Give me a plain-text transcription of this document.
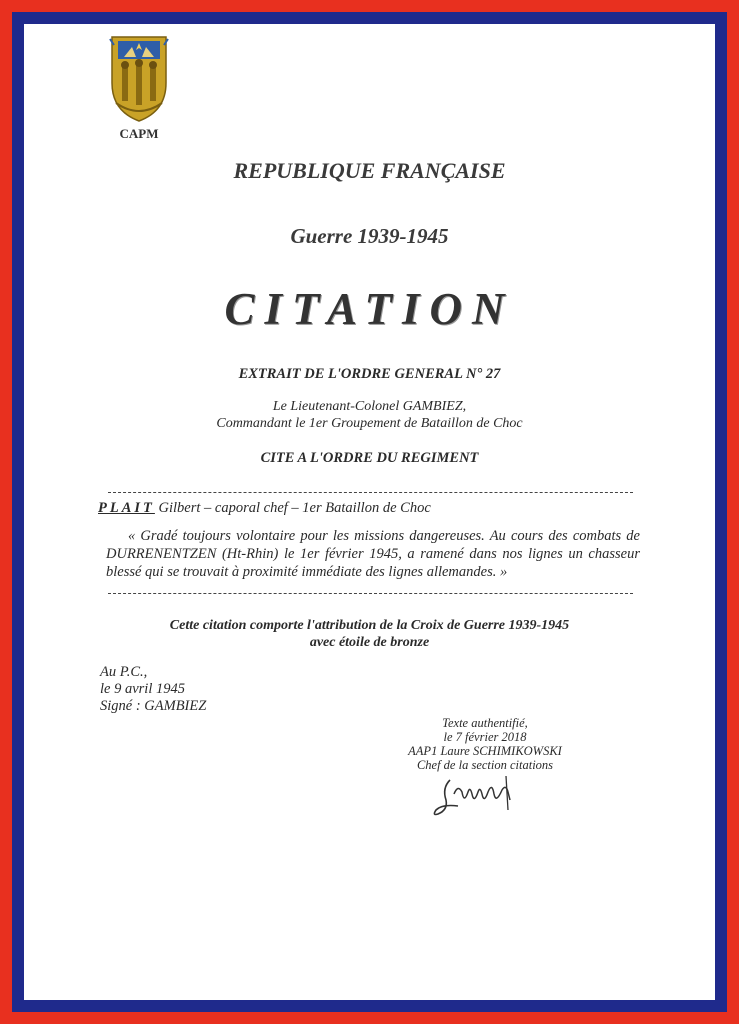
CAPM
REPUBLIQUE FRANÇAISE
Guerre 1939-1945
CITATION
EXTRAIT DE L'ORDRE GENERAL N° 27
Le Lieutenant-Colonel GAMBIEZ,
Commandant le 1er Groupement de Bataillon de Choc
CITE A L'ORDRE DU REGIMENT
PLAIT Gilbert – caporal chef – 1er Bataillon de Choc
« Gradé toujours volontaire pour les missions dangereuses. Au cours des combats de DURRENENTZEN (Ht-Rhin) le 1er février 1945, a ramené dans nos lignes un chasseur blessé qui se trouvait à proximité immédiate des lignes allemandes. »
Cette citation comporte l'attribution de la Croix de Guerre 1939-1945
avec étoile de bronze
Au P.C.,
le 9 avril 1945
Signé : GAMBIEZ
Texte authentifié,
le 7 février 2018
AAP1 Laure SCHIMIKOWSKI
Chef de la section citations
